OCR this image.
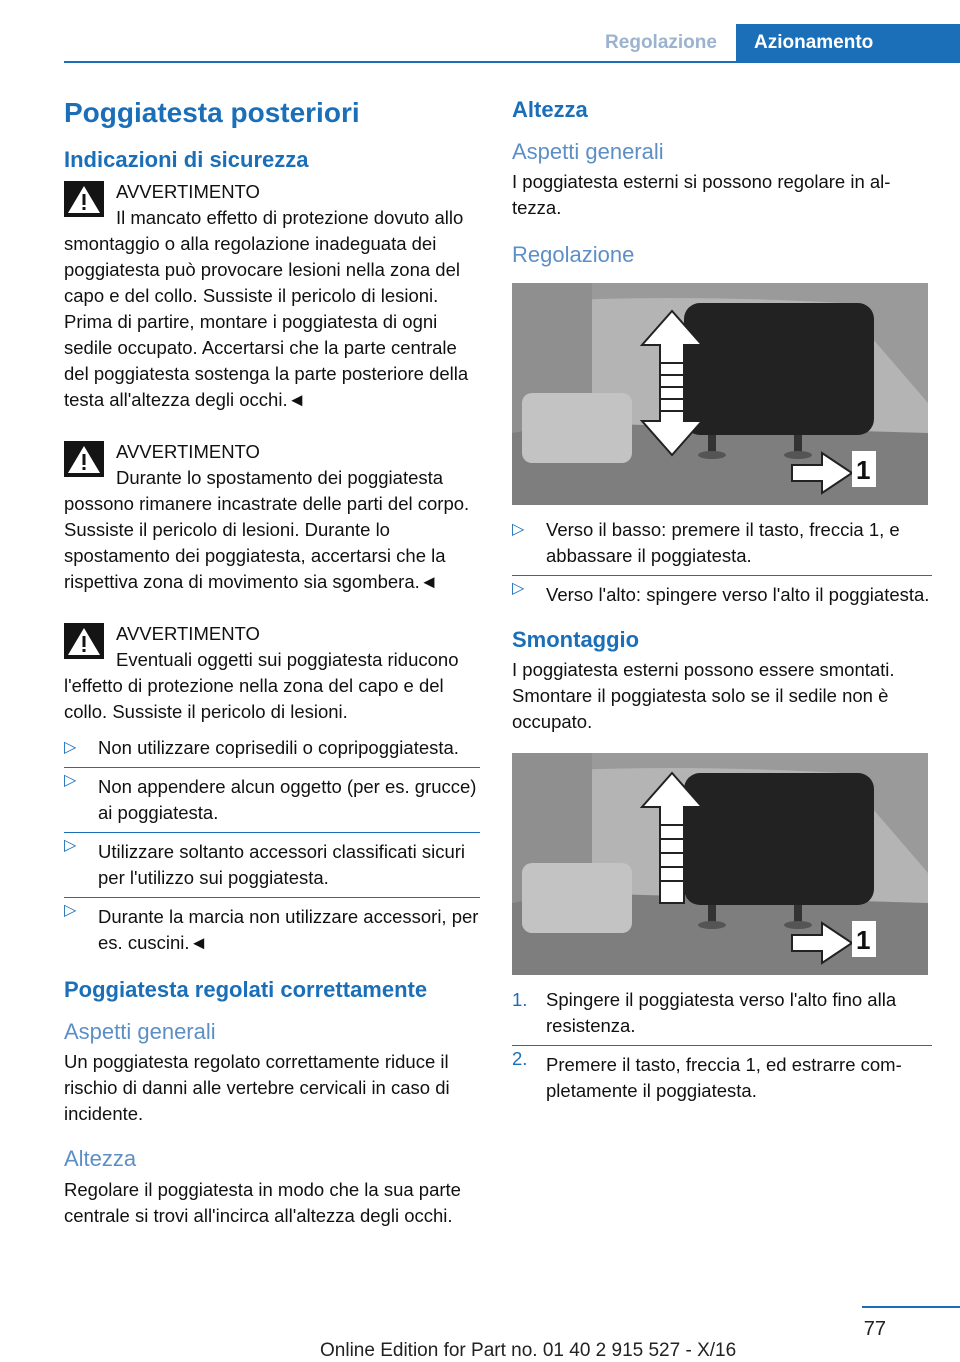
Regolazione	Azionamento
Poggiatesta posteriori
Indicazioni di sicurezza
AVVERTIMENTO
Il mancato effetto di protezione dovuto allo smontaggio o alla regolazione inadeguata dei poggiatesta può provocare lesioni nella zona del capo e del collo. Sussiste il pericolo di lesioni. Prima di partire, montare i poggiatesta di ogni sedile occupato. Accertarsi che la parte centrale del poggiatesta sostenga la parte posteriore della testa all'altezza degli occhi.◄
AVVERTIMENTO
Durante lo spostamento dei poggiatesta possono rimanere incastrate delle parti del corpo. Sussiste il pericolo di lesioni. Durante lo spostamento dei poggiatesta, accertarsi che la rispettiva zona di movimento sia sgombera.◄
AVVERTIMENTO
Eventuali oggetti sui poggiatesta riducono l'effetto di protezione nella zona del capo e del collo. Sussiste il pericolo di lesioni.
▷ Non utilizzare coprisedili o copripoggiatesta.
▷ Non appendere alcun oggetto (per es. grucce) ai poggiatesta.
▷ Utilizzare soltanto accessori classificati sicuri per l'utilizzo sui poggiatesta.
▷ Durante la marcia non utilizzare accessori, per es. cuscini.◄
Poggiatesta regolati correttamente
Aspetti generali

Un poggiatesta regolato correttamente riduce il rischio di danni alle vertebre cervicali in caso di incidente.

Altezza

Regolare il poggiatesta in modo che la sua parte centrale si trovi all'incirca all'altezza degli occhi.

Altezza
Aspetti generali

I poggiatesta esterni si possono regolare in altezza.

Regolazione
1
▷ Verso il basso: premere il tasto, freccia 1, e abbassare il poggiatesta.
▷ Verso l'alto: spingere verso l'alto il poggiatesta.
Smontaggio

I poggiatesta esterni possono essere smontati. Smontare il poggiatesta solo se il sedile non è occupato.

1
1. Spingere il poggiatesta verso l'alto fino alla resistenza.
2. Premere il tasto, freccia 1, ed estrarre completamente il poggiatesta.
77
Online Edition for Part no. 01 40 2 915 527 - X/16
